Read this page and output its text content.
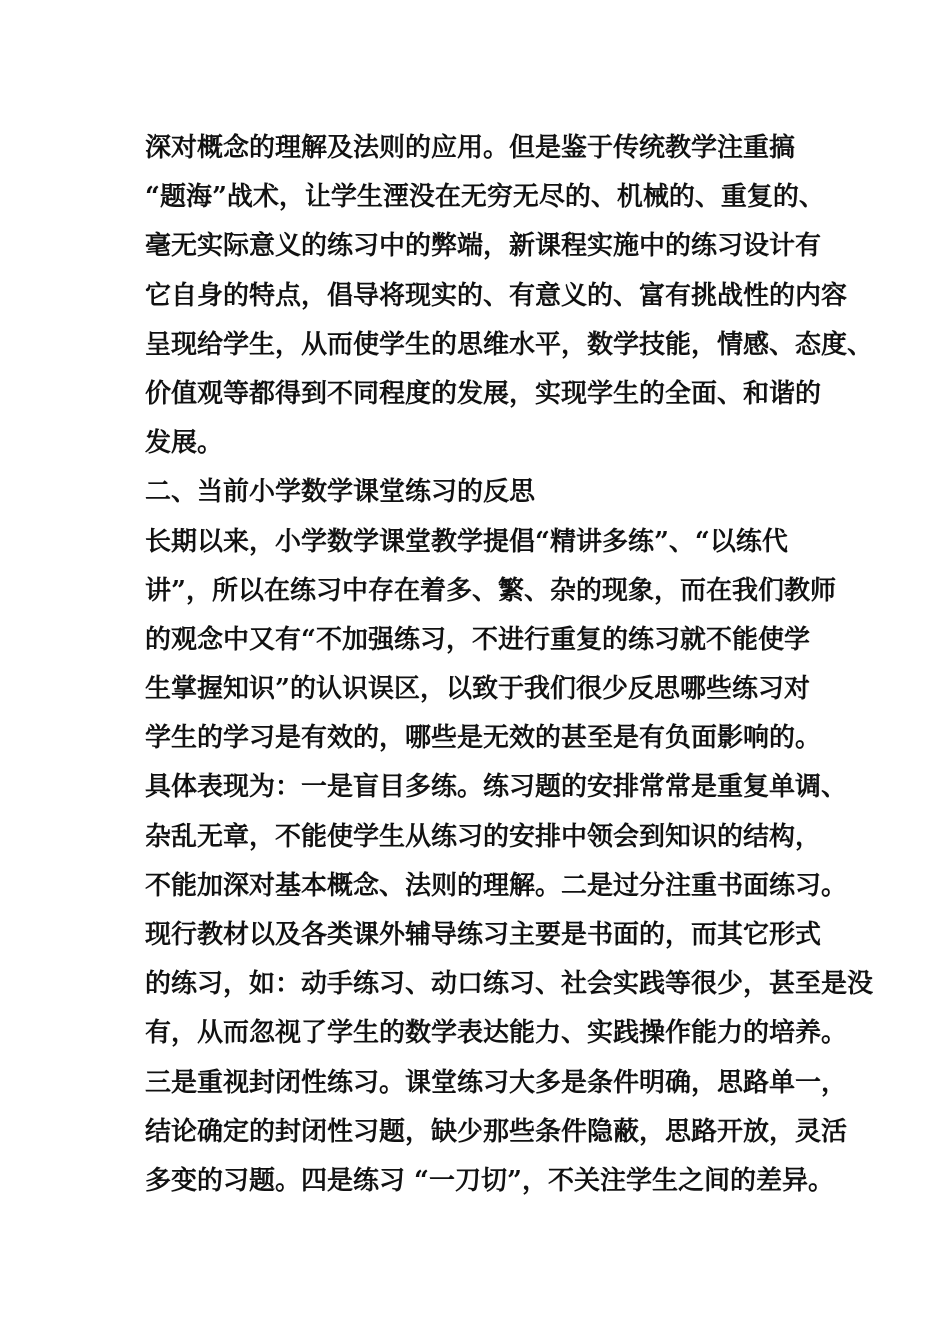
深对概念的理解及法则的应用。但是鉴于传统教学注重搞
“题海”战术，让学生湮没在无穷无尽的、机械的、重复的、
毫无实际意义的练习中的弊端，新课程实施中的练习设计有
它自身的特点，倡导将现实的、有意义的、富有挑战性的内容
呈现给学生，从而使学生的思维水平，数学技能，情感、态度、
价值观等都得到不同程度的发展，实现学生的全面、和谐的
发展。
二、当前小学数学课堂练习的反思
长期以来，小学数学课堂教学提倡“精讲多练”、“以练代
讲”，所以在练习中存在着多、繁、杂的现象，而在我们教师
的观念中又有“不加强练习，不进行重复的练习就不能使学
生掌握知识”的认识误区，以致于我们很少反思哪些练习对
学生的学习是有效的，哪些是无效的甚至是有负面影响的。
具体表现为：一是盲目多练。练习题的安排常常是重复单调、
杂乱无章，不能使学生从练习的安排中领会到知识的结构，
不能加深对基本概念、法则的理解。二是过分注重书面练习。
现行教材以及各类课外辅导练习主要是书面的，而其它形式
的练习，如：动手练习、动口练习、社会实践等很少，甚至是没
有，从而忽视了学生的数学表达能力、实践操作能力的培养。
三是重视封闭性练习。课堂练习大多是条件明确，思路单一，
结论确定的封闭性习题，缺少那些条件隐蔽，思路开放，灵活
多变的习题。四是练习 “一刀切”，不关注学生之间的差异。
